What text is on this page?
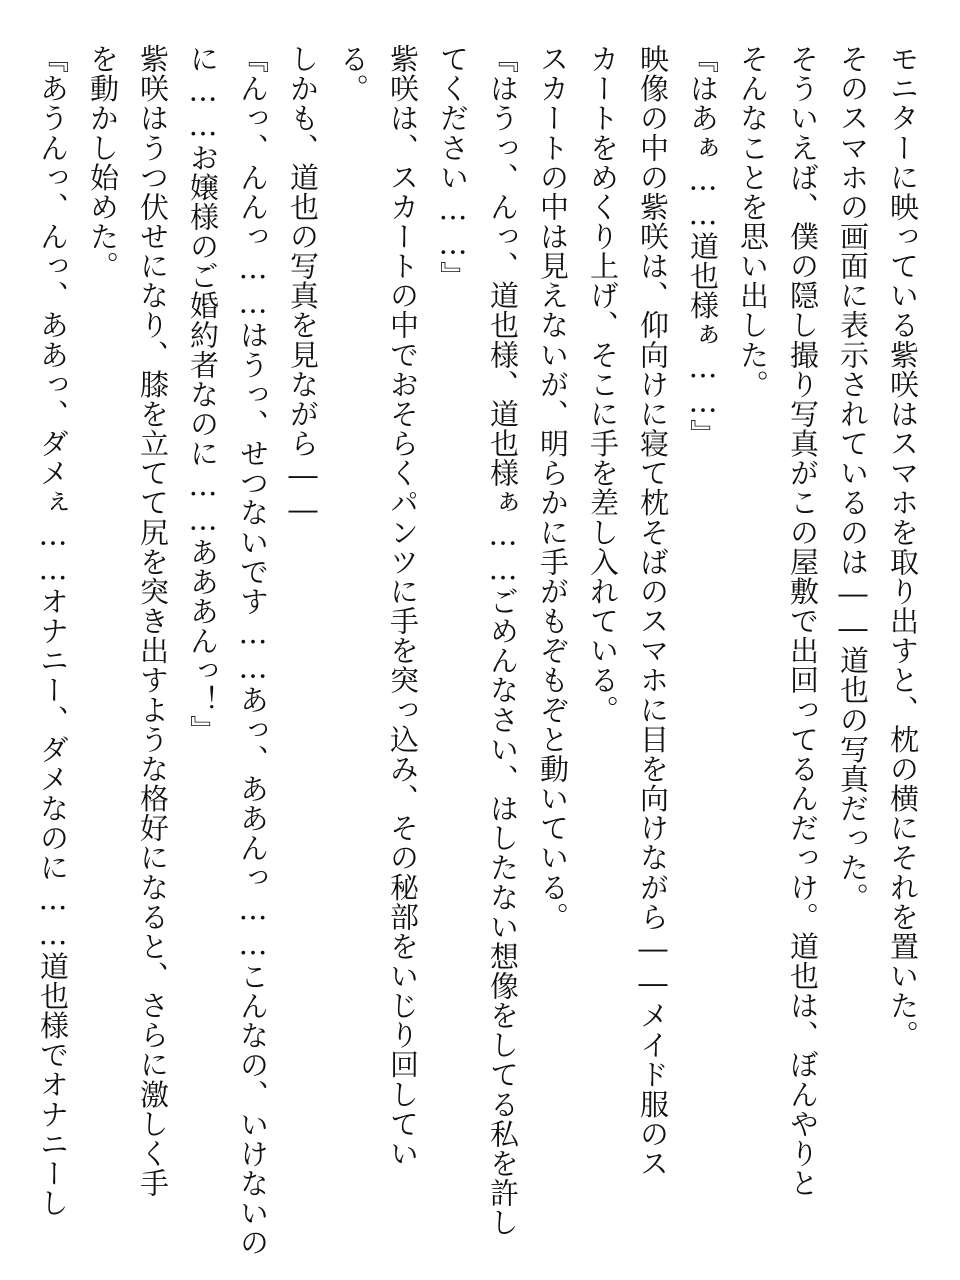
モニターに映っている紫咲はスマホを取り出すと、枕の横にそれを置いた。
そのスマホの画面に表示されているのは――道也の写真だった。
そういえば、僕の隠し撮り写真がこの屋敷で出回ってるんだっけ。道也は、ぼんやりと
そんなことを思い出した。
『はあぁ……道也様ぁ……』
映像の中の紫咲は、仰向けに寝て枕そばのスマホに目を向けながら――メイド服のス
カートをめくり上げ、そこに手を差し入れている。
スカートの中は見えないが、明らかに手がもぞもぞと動いている。
『はうっ、んっ、道也様、道也様ぁ……ごめんなさい、はしたない想像をしてる私を許し
てください……』
紫咲は、スカートの中でおそらくパンツに手を突っ込み、その秘部をいじり回してい
る。
しかも、道也の写真を見ながら――
『んっ、んんっ……はうっ、せつないです……あっ、ああんっ……こんなの、いけないの
に……お嬢様のご婚約者なのに……あああんっ！』
紫咲はうつ伏せになり、膝を立てて尻を突き出すような格好になると、さらに激しく手
を動かし始めた。
『あうんっ、んっ、ああっ、ダメぇ……オナニー、ダメなのに……道也様でオナニーし
